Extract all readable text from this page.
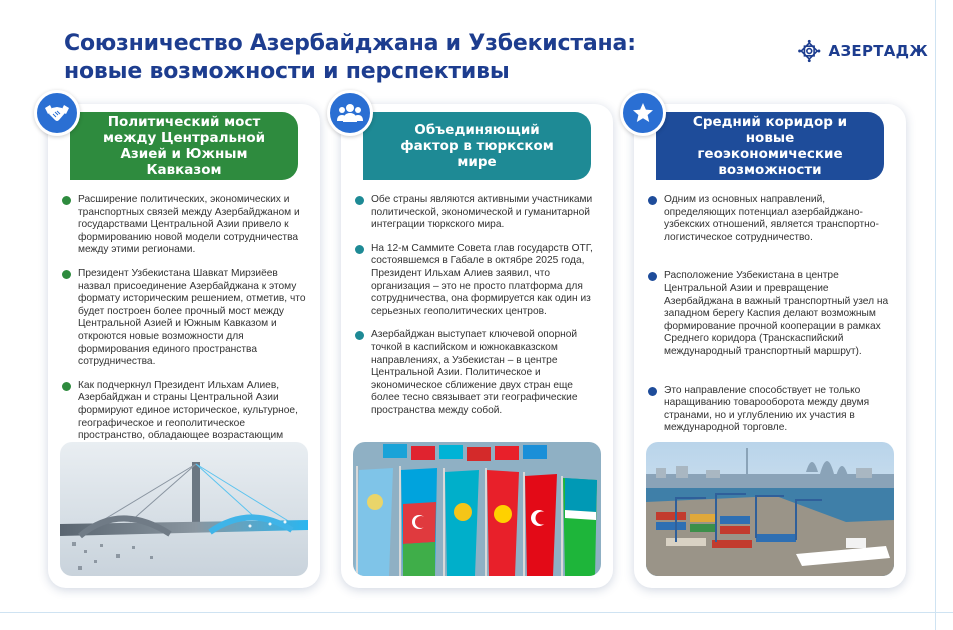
Союзничество Азербайджана и Узбекистана:
новые возможности и перспективы
АЗЕРТАДЖ
Политический мост между Центральной Азией и Южным Кавказом
Расширение политических, экономических и транспортных связей между Азербайджаном и государствами Центральной Азии привело к формированию новой модели сотрудничества между этими регионами.
Президент Узбекистана Шавкат Мирзиёев назвал присоединение Азербайджана к этому формату историческим решением, отметив, что будет построен более прочный мост между Центральной Азией и Южным Кавказом и откроются новые возможности для формирования единого пространства сотрудничества.
Как подчеркнул Президент Ильхам Алиев, Азербайджан и страны Центральной Азии формируют единое историческое, культурное, географическое и геополитическое пространство, обладающее возрастающим
Объединяющий фактор в тюркском мире
Обе страны являются активными участниками политической, экономической и гуманитарной интеграции тюркского мира.
На 12-м Саммите Совета глав государств ОТГ, состоявшемся в Габале в октябре 2025 года, Президент Ильхам Алиев заявил, что организация – это не просто платформа для сотрудничества, она формируется как один из серьезных геополитических центров.
Азербайджан выступает ключевой опорной точкой в каспийском и южнокавказском направлениях, а Узбекистан – в центре Центральной Азии. Политическое и экономическое сближение двух стран еще более тесно связывает эти географические пространства между собой.
Средний коридор и новые геоэкономические возможности
Одним из основных направлений, определяющих потенциал азербайджано-узбекских отношений, является транспортно-логистическое сотрудничество.
Расположение Узбекистана в центре Центральной Азии и превращение Азербайджана в важный транспортный узел на западном берегу Каспия делают возможным формирование прочной кооперации в рамках Среднего коридора (Транскаспийский международный транспортный маршрут).
Это направление способствует не только наращиванию товарооборота между двумя странами, но и углублению их участия в международной торговле.
